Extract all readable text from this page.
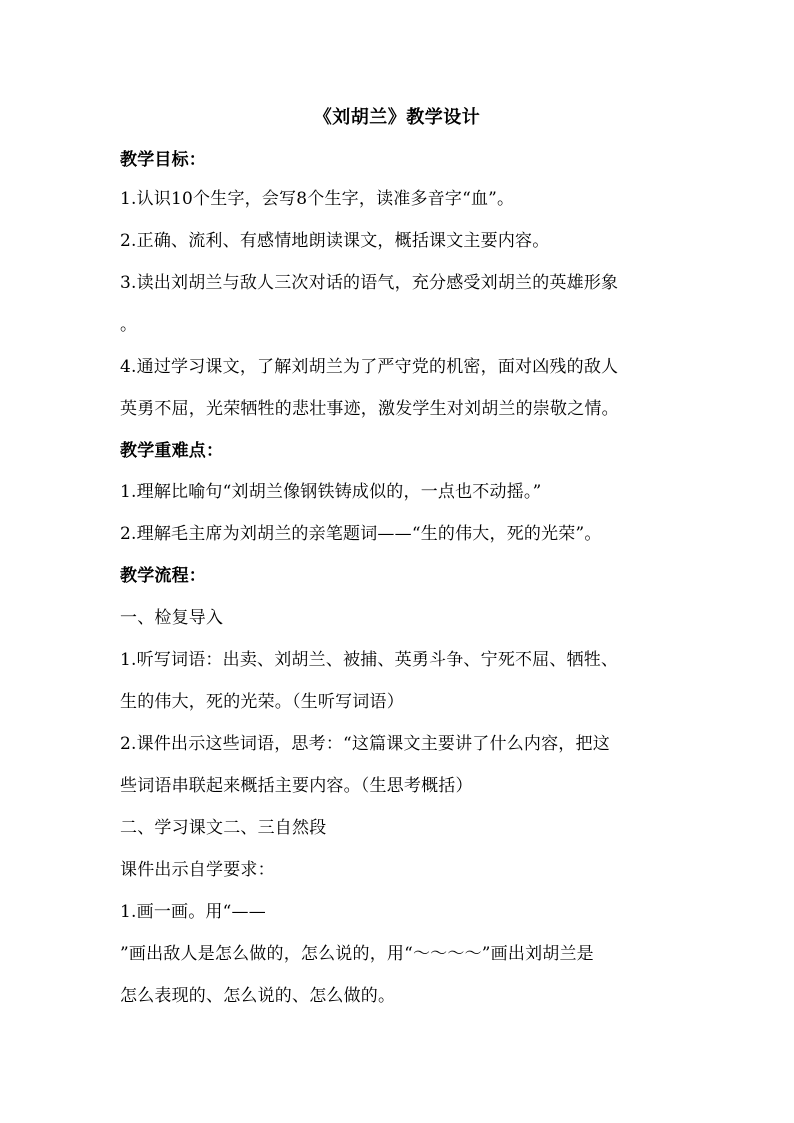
《刘胡兰》教学设计
教学目标：
1.认识10个生字，会写8个生字，读准多音字“血”。
2.正确、流利、有感情地朗读课文，概括课文主要内容。
3.读出刘胡兰与敌人三次对话的语气，充分感受刘胡兰的英雄形象
。
4.通过学习课文，了解刘胡兰为了严守党的机密，面对凶残的敌人
英勇不屈，光荣牺牲的悲壮事迹，激发学生对刘胡兰的崇敬之情。
教学重难点：
1.理解比喻句“刘胡兰像钢铁铸成似的，一点也不动摇。”
2.理解毛主席为刘胡兰的亲笔题词——“生的伟大，死的光荣”。
教学流程：
一、检复导入
1.听写词语：出卖、刘胡兰、被捕、英勇斗争、宁死不屈、牺牲、
生的伟大，死的光荣。（生听写词语）
2.课件出示这些词语，思考：“这篇课文主要讲了什么内容，把这
些词语串联起来概括主要内容。（生思考概括）
二、学习课文二、三自然段
课件出示自学要求：
1.画一画。用“——
”画出敌人是怎么做的，怎么说的，用“～～～～”画出刘胡兰是
怎么表现的、怎么说的、怎么做的。
